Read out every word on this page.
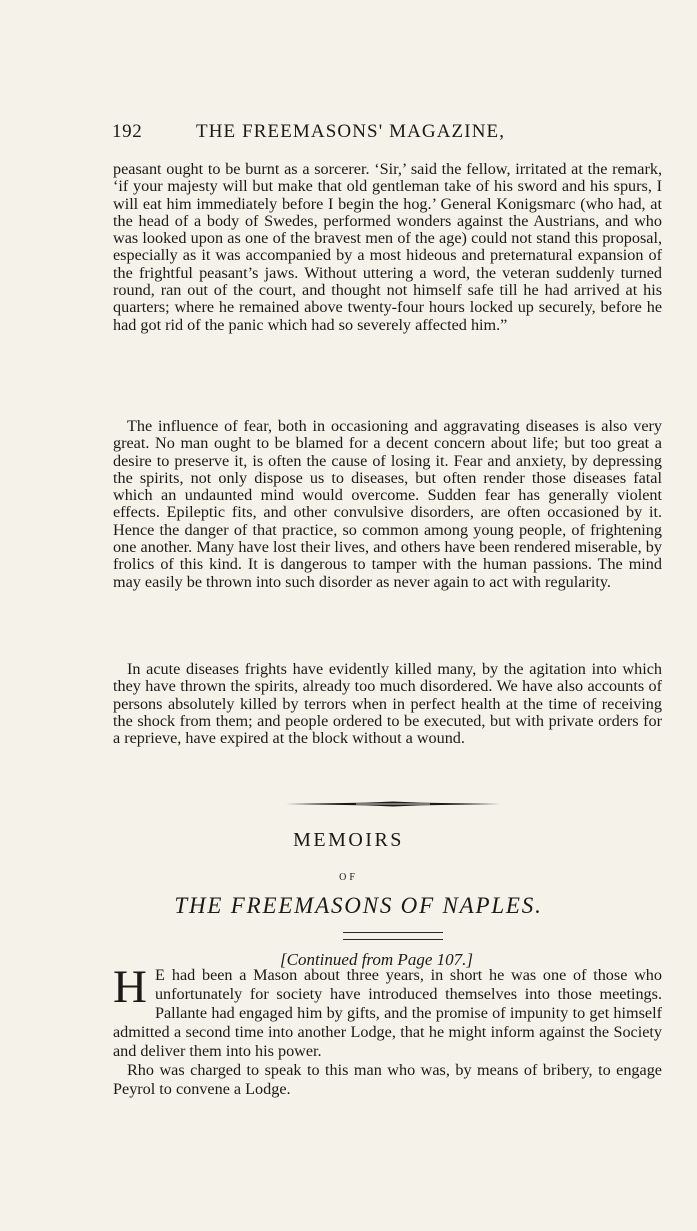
192	THE FREEMASONS' MAGAZINE,

peasant ought to be burnt as a sorcerer. ‘Sir,’ said the fellow, irritated at the remark, ‘if your majesty will but make that old gentleman take of his sword and his spurs, I will eat him immediately before I begin the hog.’ General Konigsmarc (who had, at the head of a body of Swedes, performed wonders against the Austrians, and who was looked upon as one of the bravest men of the age) could not stand this proposal, especially as it was accompanied by a most hideous and preternatural expansion of the frightful peasant’s jaws. Without uttering a word, the veteran suddenly turned round, ran out of the court, and thought not himself safe till he had arrived at his quarters; where he remained above twenty-four hours locked up securely, before he had got rid of the panic which had so severely affected him.”

The influence of fear, both in occasioning and aggravating diseases is also very great. No man ought to be blamed for a decent concern about life; but too great a desire to preserve it, is often the cause of losing it. Fear and anxiety, by depressing the spirits, not only dispose us to diseases, but often render those diseases fatal which an undaunted mind would overcome. Sudden fear has generally violent effects. Epileptic fits, and other convulsive disorders, are often occasioned by it. Hence the danger of that practice, so common among young people, of frightening one another. Many have lost their lives, and others have been rendered miserable, by frolics of this kind. It is dangerous to tamper with the human passions. The mind may easily be thrown into such disorder as never again to act with regularity.

In acute diseases frights have evidently killed many, by the agitation into which they have thrown the spirits, already too much disordered. We have also accounts of persons absolutely killed by terrors when in perfect health at the time of receiving the shock from them; and people ordered to be executed, but with private orders for a reprieve, have expired at the block without a wound.

MEMOIRS
OF
THE FREEMASONS OF NAPLES.
[Continued from Page 107.]

H E had been a Mason about three years, in short he was one of those who unfortunately for society have introduced themselves into those meetings. Pallante had engaged him by gifts, and the promise of impunity to get himself admitted a second time into another Lodge, that he might inform against the Society and deliver them into his power.

Rho was charged to speak to this man who was, by means of bribery, to engage Peyrol to convene a Lodge.
